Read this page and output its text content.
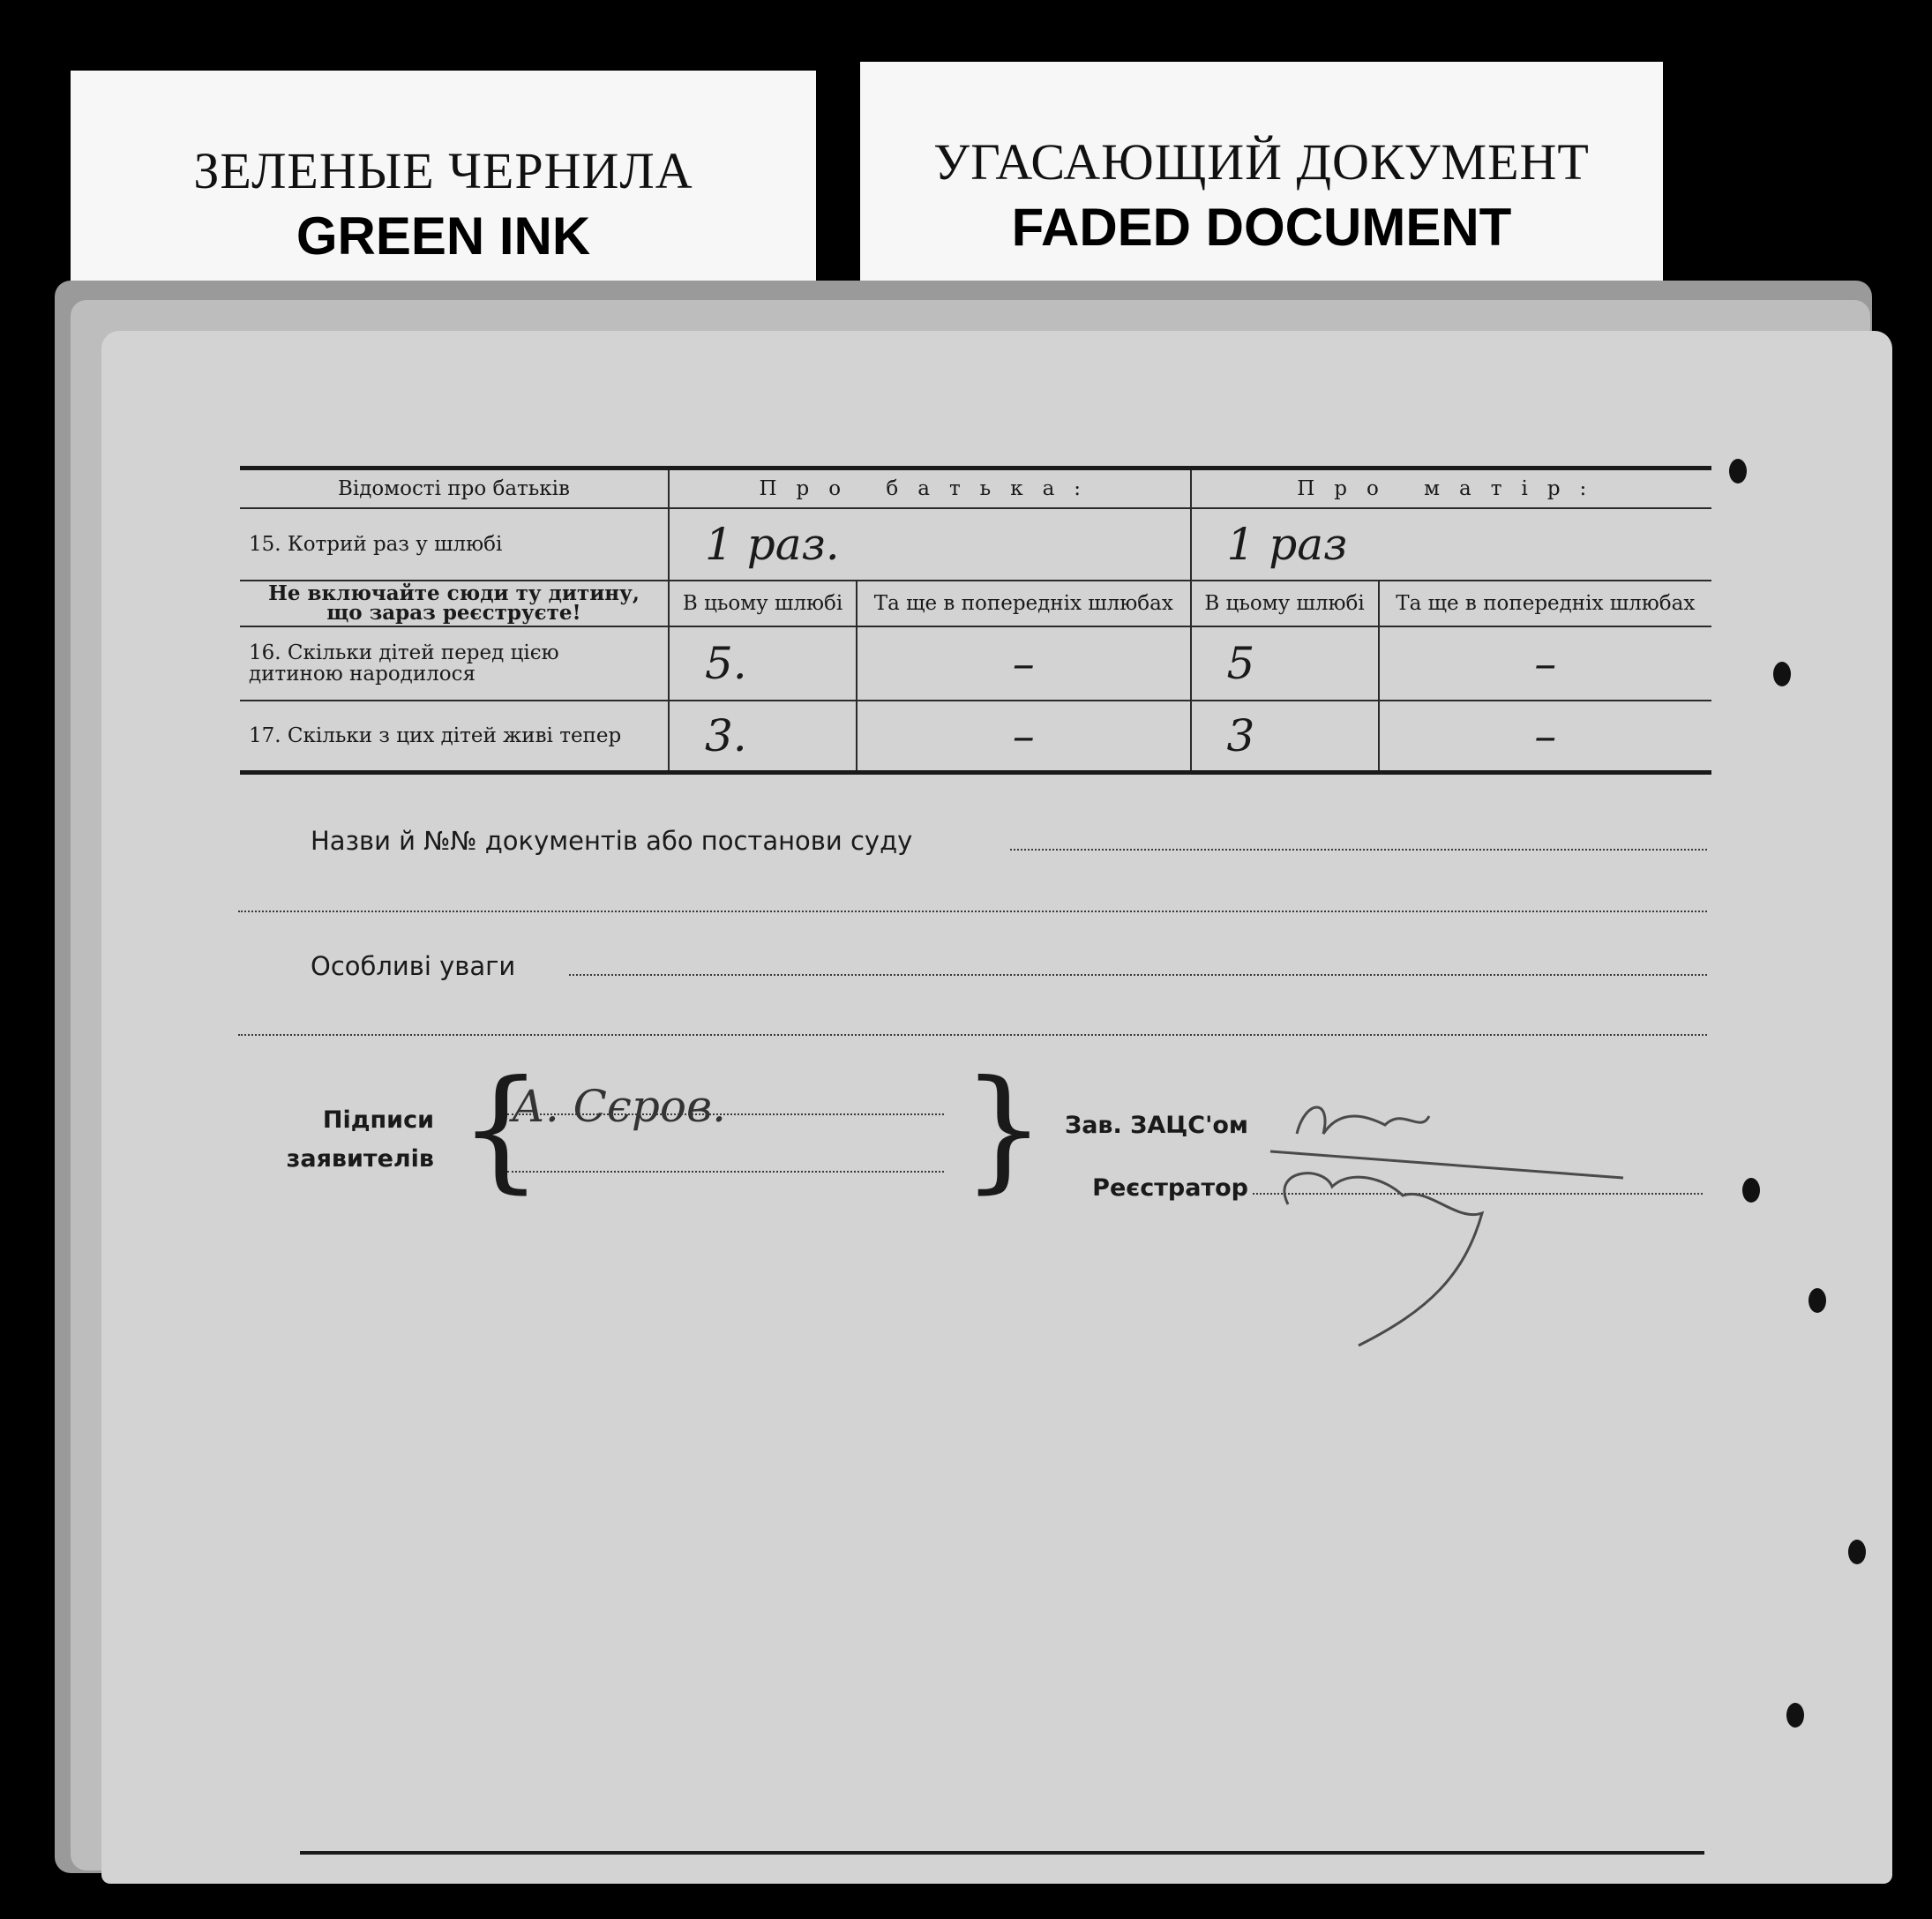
ЗЕЛЕНЫЕ ЧЕРНИЛА
GREEN INK
УГАСАЮЩИЙ ДОКУМЕНТ
FADED DOCUMENT
Відомості про батьків	Про батька:		Про матір:	
15. Котрий раз у шлюбі	1 раз.		1 раз	
Не включайте сюди ту дитину, що зараз реєструєте!	В цьому шлюбі	Та ще в попередніх шлюбах	В цьому шлюбі	Та ще в попередніх шлюбах
16. Скільки дітей перед цією дитиною народилося	5.	–	5	–
17. Скільки з цих дітей живі тепер	3.	–	3	–
Назви й №№ документів або постанови суду
Особливі уваги
Підписи
заявителів {
А. Сєров. } Зав. ЗАЦС'ом
Реєстратор
